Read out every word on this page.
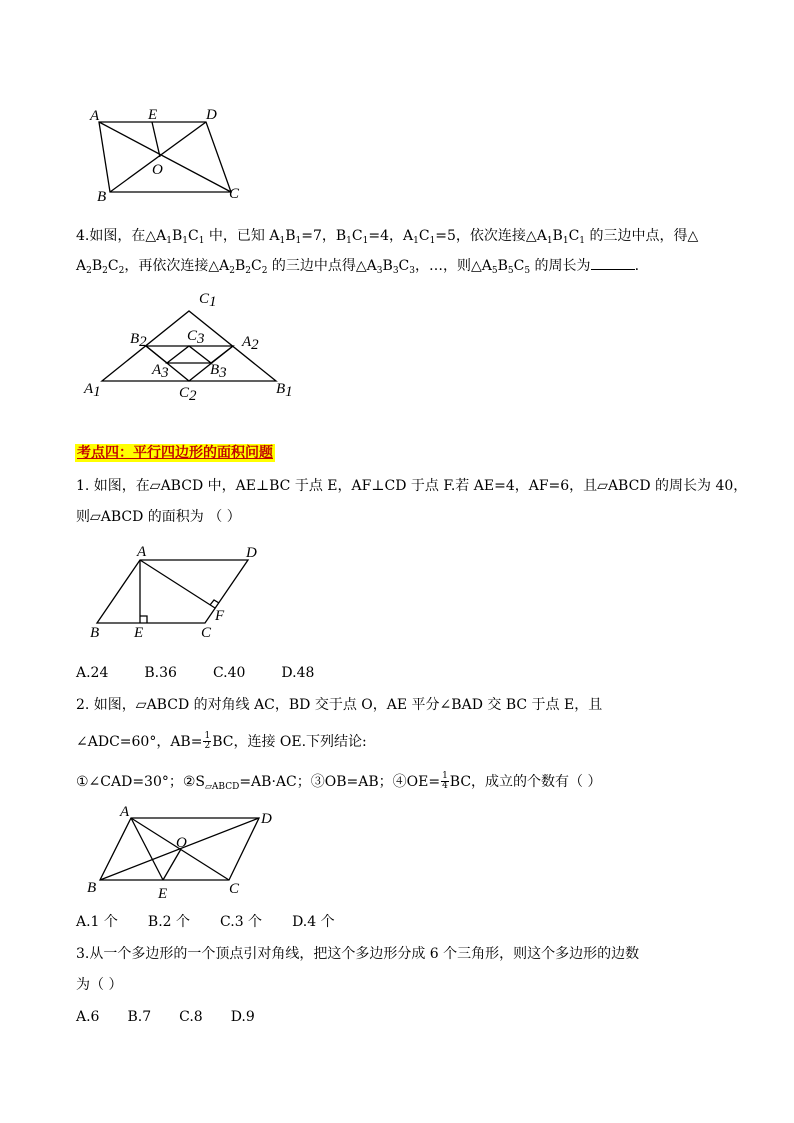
A	E	D
O
B	C
4.如图，在$\triangle A_1B_1C_1$ 中，已知 $A_1B_1=7$，$B_1C_1=4$，$A_1C_1=5$，依次连接$\triangle A_1B_1C_1$ 的三边中点，得△
$A_2B_2C_2$，再依次连接$\triangle A_2B_2C_2$ 的三边中点得$\triangle A_3B_3C_3$，…，则$\triangle A_5B_5C_5$ 的周长为	.
C1
B2	C3 A2
A3	B3
A1	C2	B1
考点四：平行四边形的面积问题
1. 如图，在▱ABCD 中，AE⊥BC 于点 E，AF⊥CD 于点 F.若 AE=4，AF=6，且▱ABCD 的周长为 40，
则▱ABCD 的面积为 （ ）
A	D
F
B E	C
A.24	B.36	C.40	D.48
2. 如图，▱ABCD 的对角线 AC，BD 交于点 O，AE 平分∠BAD 交 BC 于点 E，且
∠ADC=60°，$AB= \frac{1}{2}$ BC，连接 OE.下列结论:
①∠CAD=30°；$②S_{▱ABCD}=AB\cdot AC$；③OB=AB；④OE= $\frac{1}{4}$ BC，成立的个数有（ ）
A	D
O
B	E	C
A.1 个 B.2 个 C.3 个 D.4 个
3.从一个多边形的一个顶点引对角线，把这个多边形分成 6 个三角形，则这个多边形的边数
为（ ）
A.6 B.7 C.8 D.9
